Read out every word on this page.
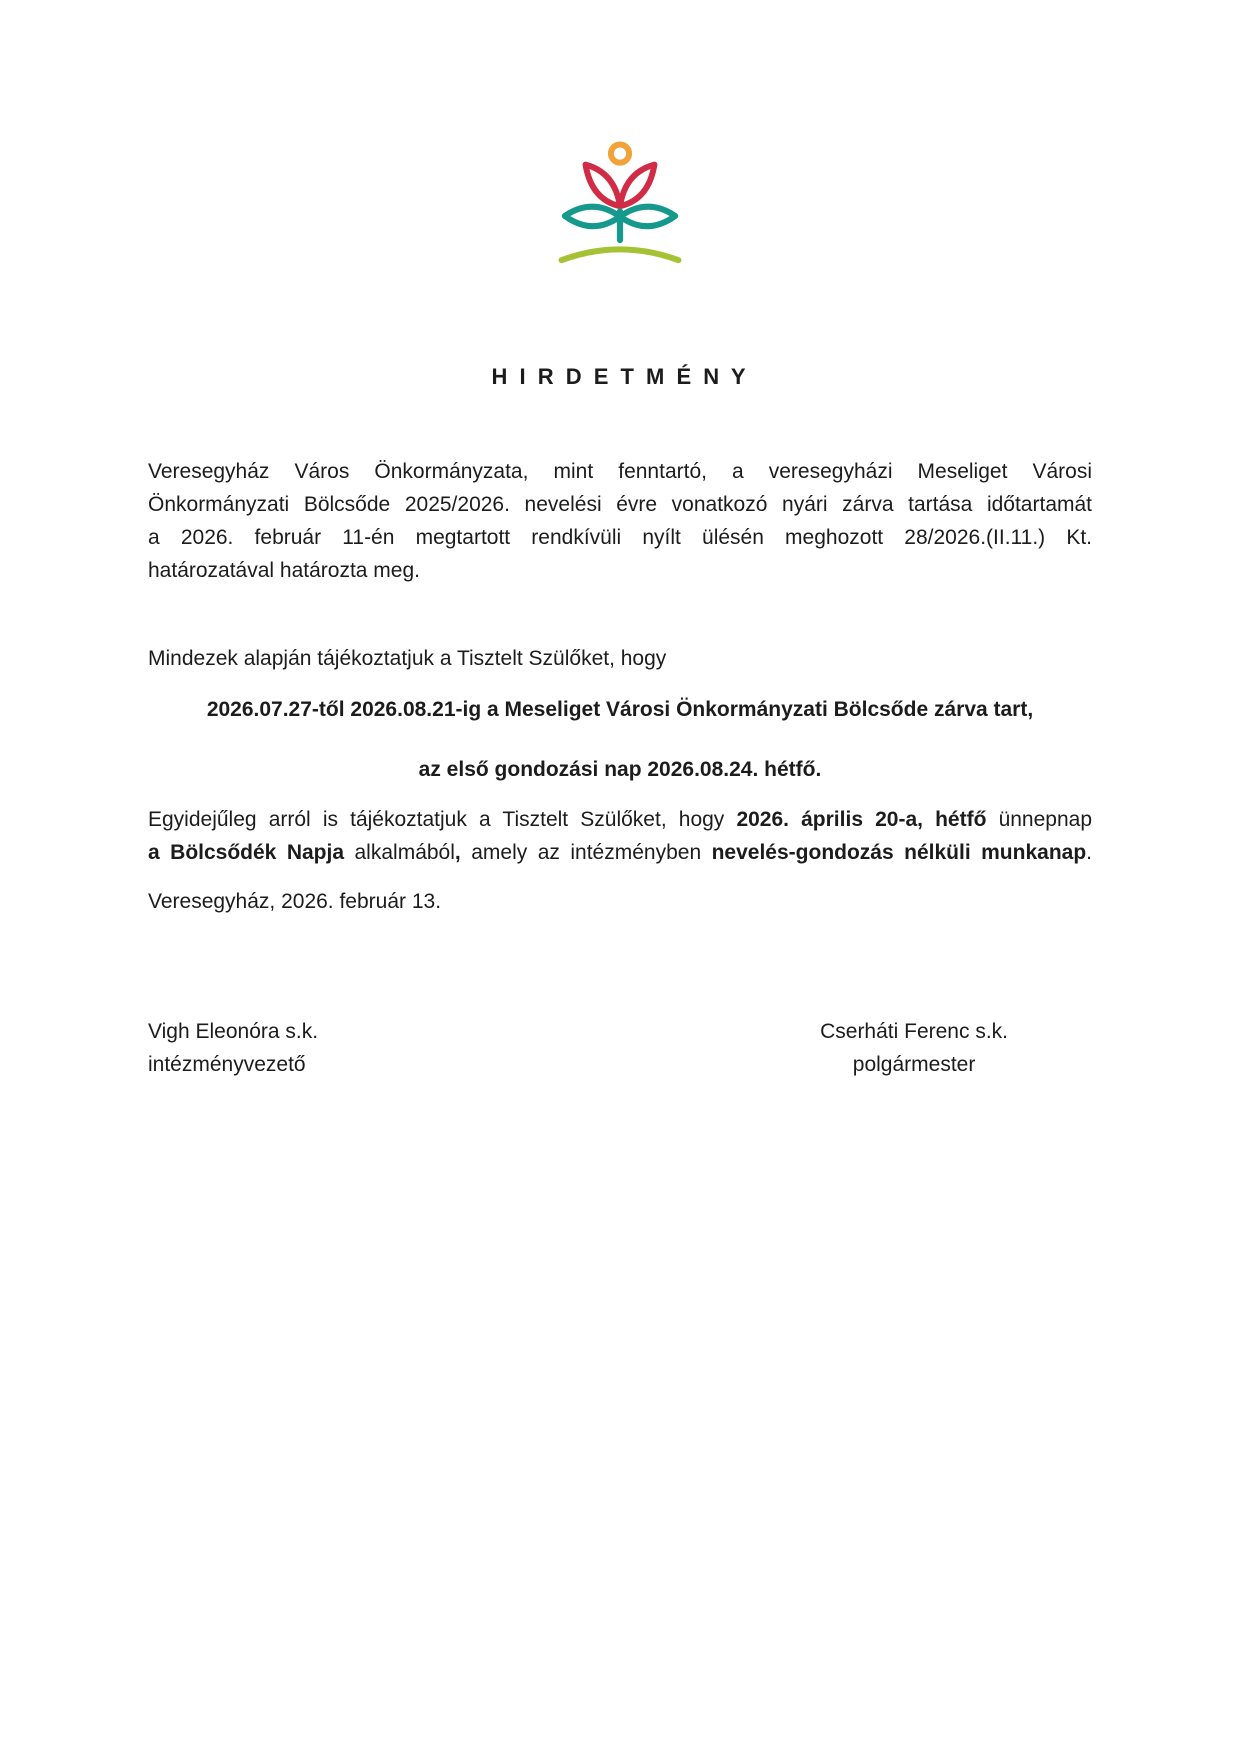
H I R D E T M É N Y
Veresegyház Város Önkormányzata, mint fenntartó, a veresegyházi Meseliget Városi
Önkormányzati Bölcsőde 2025/2026. nevelési évre vonatkozó nyári zárva tartása időtartamát
a 2026. február 11-én megtartott rendkívüli nyílt ülésén meghozott 28/2026.(II.11.) Kt.
határozatával határozta meg.
Mindezek alapján tájékoztatjuk a Tisztelt Szülőket, hogy
2026.07.27-től 2026.08.21-ig a Meseliget Városi Önkormányzati Bölcsőde zárva tart,
az első gondozási nap 2026.08.24. hétfő.
Egyidejűleg arról is tájékoztatjuk a Tisztelt Szülőket, hogy 2026. április 20-a, hétfő ünnepnap
a Bölcsődék Napja alkalmából, amely az intézményben nevelés-gondozás nélküli munkanap.
Veresegyház, 2026. február 13.
Vigh Eleonóra s.k.
intézményvezető
Cserháti Ferenc s.k.
polgármester
